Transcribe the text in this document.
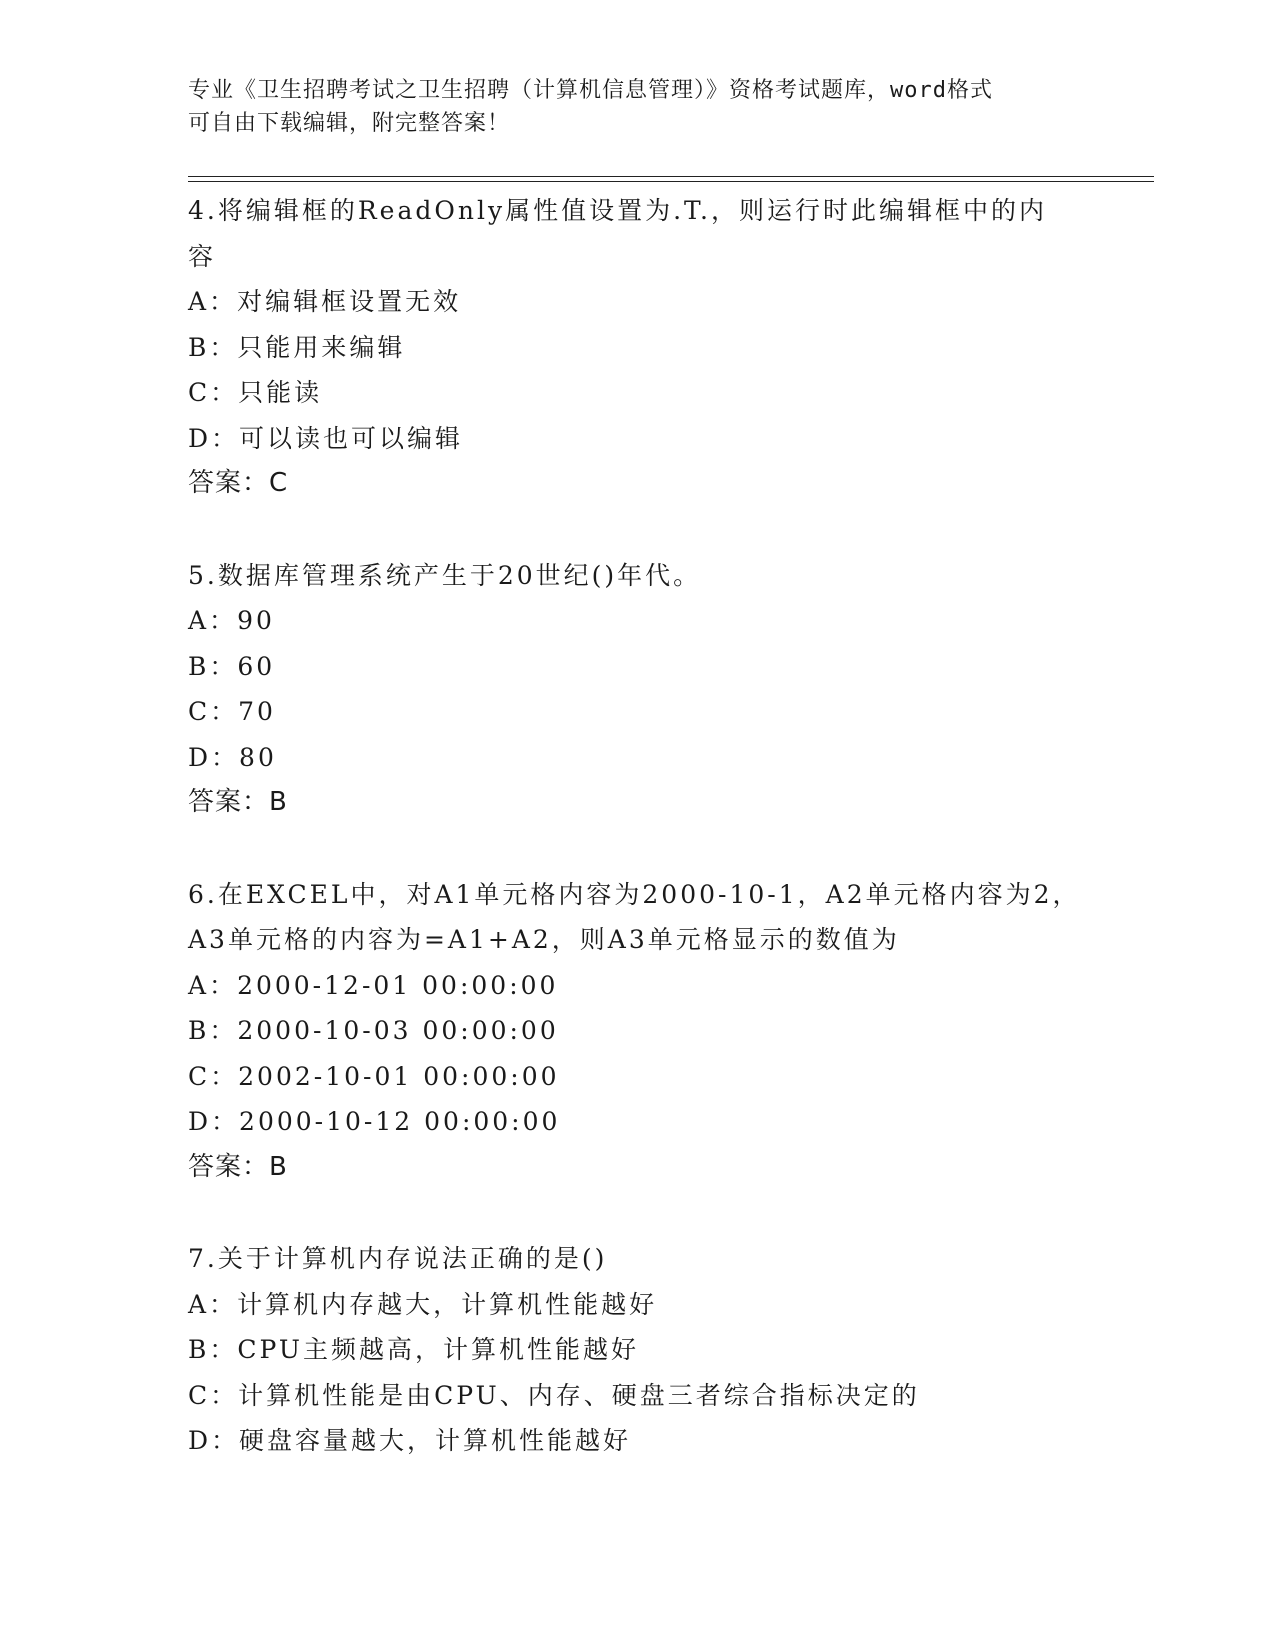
专业《卫生招聘考试之卫生招聘（计算机信息管理）》资格考试题库，word格式
可自由下载编辑，附完整答案！
4.将编辑框的ReadOnly属性值设置为.T.，则运行时此编辑框中的内
容
A：对编辑框设置无效
B：只能用来编辑
C：只能读
D：可以读也可以编辑
答案：C
5.数据库管理系统产生于20世纪()年代。
A：90
B：60
C：70
D：80
答案：B
6.在EXCEL中，对A1单元格内容为2000-10-1，A2单元格内容为2，
A3单元格的内容为=A1+A2，则A3单元格显示的数值为
A：2000-12-01 00:00:00
B：2000-10-03 00:00:00
C：2002-10-01 00:00:00
D：2000-10-12 00:00:00
答案：B
7.关于计算机内存说法正确的是()
A：计算机内存越大，计算机性能越好
B：CPU主频越高，计算机性能越好
C：计算机性能是由CPU、内存、硬盘三者综合指标决定的
D：硬盘容量越大，计算机性能越好
